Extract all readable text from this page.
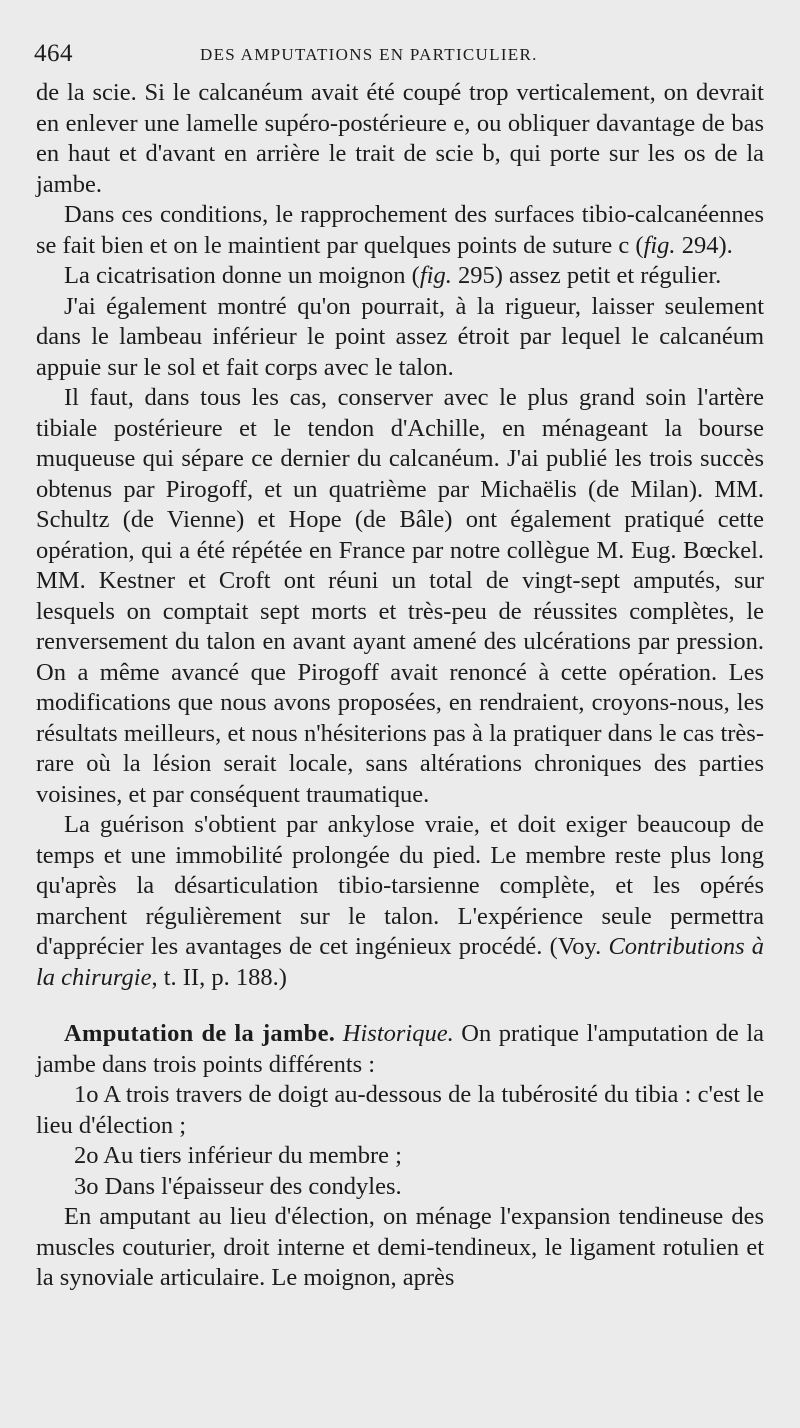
464	DES AMPUTATIONS EN PARTICULIER.

de la scie. Si le calcanéum avait été coupé trop verticalement, on devrait en enlever une lamelle supéro-postérieure e, ou obliquer davantage de bas en haut et d'avant en arrière le trait de scie b, qui porte sur les os de la jambe.

Dans ces conditions, le rapprochement des surfaces tibio-calcanéennes se fait bien et on le maintient par quelques points de suture c (fig. 294).

La cicatrisation donne un moignon (fig. 295) assez petit et régulier.

J'ai également montré qu'on pourrait, à la rigueur, laisser seulement dans le lambeau inférieur le point assez étroit par lequel le calcanéum appuie sur le sol et fait corps avec le talon.

Il faut, dans tous les cas, conserver avec le plus grand soin l'artère tibiale postérieure et le tendon d'Achille, en ménageant la bourse muqueuse qui sépare ce dernier du calcanéum. J'ai publié les trois succès obtenus par Pirogoff, et un quatrième par Michaëlis (de Milan). MM. Schultz (de Vienne) et Hope (de Bâle) ont également pratiqué cette opération, qui a été répétée en France par notre collègue M. Eug. Bœckel. MM. Kestner et Croft ont réuni un total de vingt-sept amputés, sur lesquels on comptait sept morts et très-peu de réussites complètes, le renversement du talon en avant ayant amené des ulcérations par pression. On a même avancé que Pirogoff avait renoncé à cette opération. Les modifications que nous avons proposées, en rendraient, croyons-nous, les résultats meilleurs, et nous n'hésiterions pas à la pratiquer dans le cas très-rare où la lésion serait locale, sans altérations chroniques des parties voisines, et par conséquent traumatique.

La guérison s'obtient par ankylose vraie, et doit exiger beaucoup de temps et une immobilité prolongée du pied. Le membre reste plus long qu'après la désarticulation tibio-tarsienne complète, et les opérés marchent régulièrement sur le talon. L'expérience seule permettra d'apprécier les avantages de cet ingénieux procédé. (Voy. Contributions à la chirurgie, t. II, p. 188.)

Amputation de la jambe. Historique. On pratique l'amputation de la jambe dans trois points différents :

1o A trois travers de doigt au-dessous de la tubérosité du tibia : c'est le lieu d'élection ;

2o Au tiers inférieur du membre ;

3o Dans l'épaisseur des condyles.

En amputant au lieu d'élection, on ménage l'expansion tendineuse des muscles couturier, droit interne et demi-tendineux, le ligament rotulien et la synoviale articulaire. Le moignon, après
